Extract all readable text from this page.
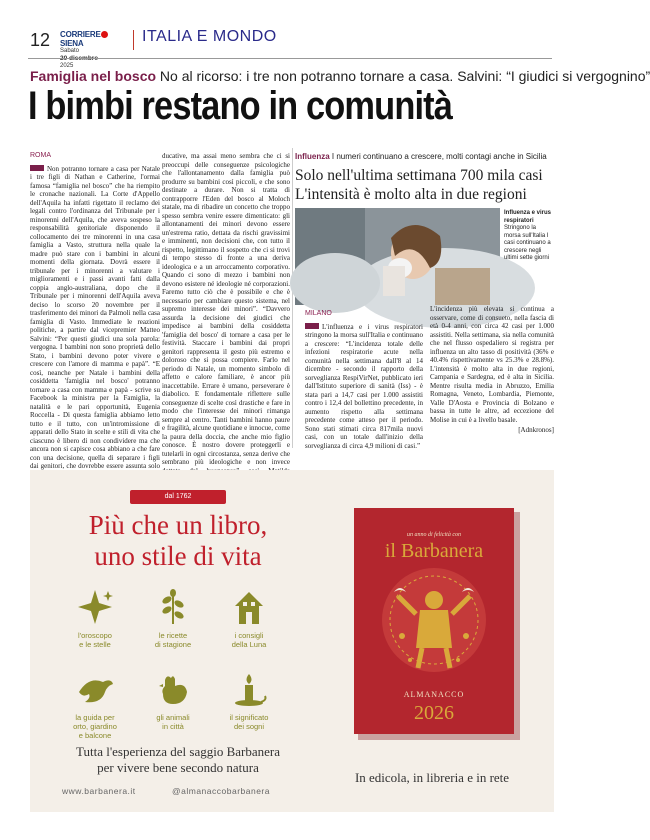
12 CORRIERESIENA
Sabato
2025
ITALIA E MONDO
Famiglia nel bosco No al ricorso: i tre non potranno tornare a casa. Salvini: “I giudici si vergognino”
I bimbi restano in comunità
ROMA
Non potranno tornare a casa per Natale i tre figli di Nathan e Catherine, l'ormai famosa “famiglia nel bosco” che ha riempito le cronache nazionali. La Corte d'Appello dell'Aquila ha infatti rigettato il reclamo dei legali contro l'ordinanza del Tribunale per i minorenni dell'Aquila, che aveva sospeso la responsabilità genitoriale disponendo il collocamento dei tre minorenni in una casa famiglia a Vasto, struttura nella quale la madre può stare con i bambini in alcuni momenti della giornata. Dovrà essere il tribunale per i minorenni a valutare i miglioramenti e i passi avanti fatti dalla coppia anglo-australiana, dopo che il Tribunale per i minorenni dell'Aquila aveva deciso lo scorso 20 novembre per il trasferimento dei minori da Palmoli nella casa famiglia di Vasto. Immediate le reazioni politiche, a partire dal vicepremier Matteo Salvini: “Per questi giudici una sola parola: vergogna. I bambini non sono proprietà dello Stato, i bambini devono poter vivere e crescere con l'amore di mamma e papà”. “E così, neanche per Natale i bambini della cosiddetta 'famiglia nel bosco' potranno tornare a casa con mamma e papà - scrive su Facebook la ministra per la Famiglia, la natalità e le pari opportunità, Eugenia Roccella - Di questa famiglia abbiamo letto tutto e il tutto, con un'intromissione di apparati dello Stato in scelte e stili di vita che ciascuno è libero di non condividere ma che ancora non si capisce cosa abbiano a che fare con una decisione, quella di separare i figli dai genitori, che dovrebbe essere assunta solo
ducative, ma assai meno sembra che ci si preoccupi delle conseguenze psicologiche che l'allontanamento dalla famiglia può produrre su bambini così piccoli, e che sono destinate a durare. Non si tratta di contrapporre l'Eden del bosco al Moloch statale, ma di ribadire un concetto che troppo spesso sembra venire essere dimenticato: gli allontanamenti dei minori devono essere un'estrema ratio, dettata da rischi gravissimi e imminenti, non decisioni che, con tutto il rispetto, legittimano il sospetto che ci si trovi di tempo stesso di fronte a una deriva ideologica e a un arroccamento corporativo. Quando ci sono di mezzo i bambini non devono esistere né ideologie né corporazioni. Faremo tutto ciò che è possibile e che è necessario per cambiare questo sistema, nel supremo interesse dei minori”. “Davvero assurda la decisione dei giudici che impedisce ai bambini della cosiddetta 'famiglia del bosco' di tornare a casa per le festività. Staccare i bambini dai propri genitori rappresenta il gesto più estremo e doloroso che si possa compiere. Farlo nel periodo di Natale, un momento simbolo di affetto e calore familiare, è ancor più inaccettabile. Errare è umano, perseverare è diabolico. E fondamentale riflettere sulle conseguenze di scelte così drastiche e fare in modo che l'interesse dei minori rimanga sempre al centro. Tanti bambini hanno paure e fragilità, alcune quotidiane e innocue, come la paura della doccia, che anche mio figlio conosce. È nostro dovere proteggerli e tutelarli in ogni circostanza, senza derive che sembrano più ideologiche e non invece
Influenza I numeri continuano a crescere, molti contagi anche in Sicilia
Solo nell'ultima settimana 700 mila casi
L'intensità è molto alta in due regioni
Influenza e virus respiratori
Stringono la morsa sull'Italia I casi continuano a crescere negli ultimi sette giorni
MILANO
L'influenza e i virus respiratori stringono la morsa sull'Italia e continuano a crescere: “L'incidenza totale delle infezioni respiratorie acute nella comunità nella settimana dall'8 al 14 dicembre - secondo il rapporto della sorveglianza RespiVirNet, pubblicato ieri dall'Istituto superiore di sanità (Iss) - è stata pari a 14,7 casi per 1.000 assistiti contro i 12,4 del bollettino precedente, in aumento rispetto alla settimana precedente come atteso per il periodo. Sono stati stimati circa 817mila nuovi casi, con un totale dall'inizio della sorveglianza di circa 4,9 milioni di casi.”
L'incidenza più elevata si continua a osservare, come di consueto, nella fascia di età 0-4 anni, con circa 42 casi per 1.000 assistiti. Nella settimana, sia nella comunità che nel flusso ospedaliero si registra per influenza un alto tasso di positività (36% e 40.4% rispettivamente vs 25.3% e 28.8%). L'intensità è molto alta in due regioni, Campania e Sardegna, ed è alta in Sicilia. Mentre risulta media in Abruzzo, Emilia Romagna, Veneto, Lombardia, Piemonte, Valle D'Aosta e Provincia di Bolzano e bassa in tutte le altre, ad eccezione del Molise in cui è a livello basale.
[Adnkronos]
dal 1762
Più che un libro,
uno stile di vita
l'oroscopo
e le stelle
le ricette
di stagione
i consigli
della Luna
la guida per
orto, giardino
e balcone
gli animali
in città
il significato
dei sogni
Tutta l'esperienza del saggio Barbanera
per vivere bene secondo natura
www.barbanera.it	@almanaccobarbanera
un anno di felicità con
il Barbanera
ALMANACCO
2026
In edicola, in libreria e in rete
